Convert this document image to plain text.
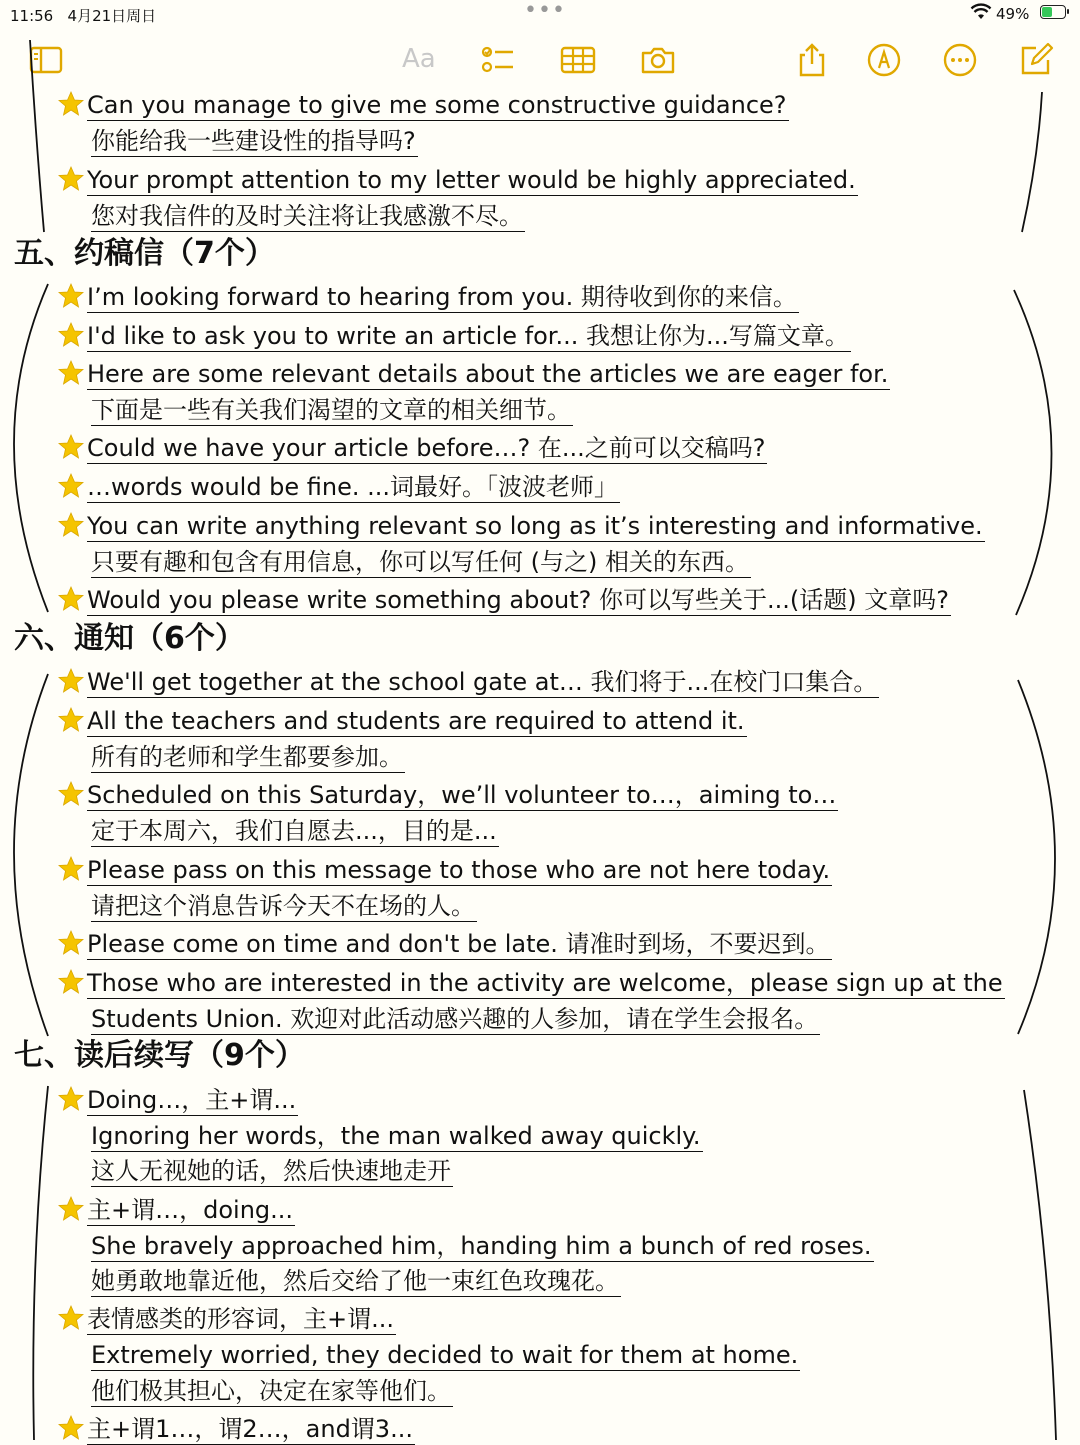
11:56 4月21日周日	•••	49%

Aa
Can you manage to give me some constructive guidance?
你能给我一些建设性的指导吗?
Your prompt attention to my letter would be highly appreciated.
您对我信件的及时关注将让我感激不尽。
五、约稿信（7个）
I’m looking forward to hearing from you. 期待收到你的来信。
I'd like to ask you to write an article for... 我想让你为...写篇文章。
Here are some relevant details about the articles we are eager for.
下面是一些有关我们渴望的文章的相关细节。
Could we have your article before…? 在...之前可以交稿吗?
…words would be fine. ...词最好。「波波老师」
You can write anything relevant so long as it’s interesting and informative.
只要有趣和包含有用信息，你可以写任何 (与之) 相关的东西。
Would you please write something about? 你可以写些关于...(话题) 文章吗?
六、通知（6个）
We'll get together at the school gate at… 我们将于...在校门口集合。
All the teachers and students are required to attend it.
所有的老师和学生都要参加。
Scheduled on this Saturday，we’ll volunteer to…，aiming to…
定于本周六，我们自愿去...，目的是...
Please pass on this message to those who are not here today.
请把这个消息告诉今天不在场的人。
Please come on time and don't be late. 请准时到场，不要迟到。
Those who are interested in the activity are welcome，please sign up at the
Students Union. 欢迎对此活动感兴趣的人参加，请在学生会报名。
七、读后续写（9个）
Doing…，主+谓...
Ignoring her words，the man walked away quickly.
这人无视她的话，然后快速地走开
主+谓…，doing...
She bravely approached him，handing him a bunch of red roses.
她勇敢地靠近他，然后交给了他一束红色玫瑰花。
表情感类的形容词，主+谓...
Extremely worried, they decided to wait for them at home.
他们极其担心，决定在家等他们。
主+谓1…，谓2…，and谓3...
